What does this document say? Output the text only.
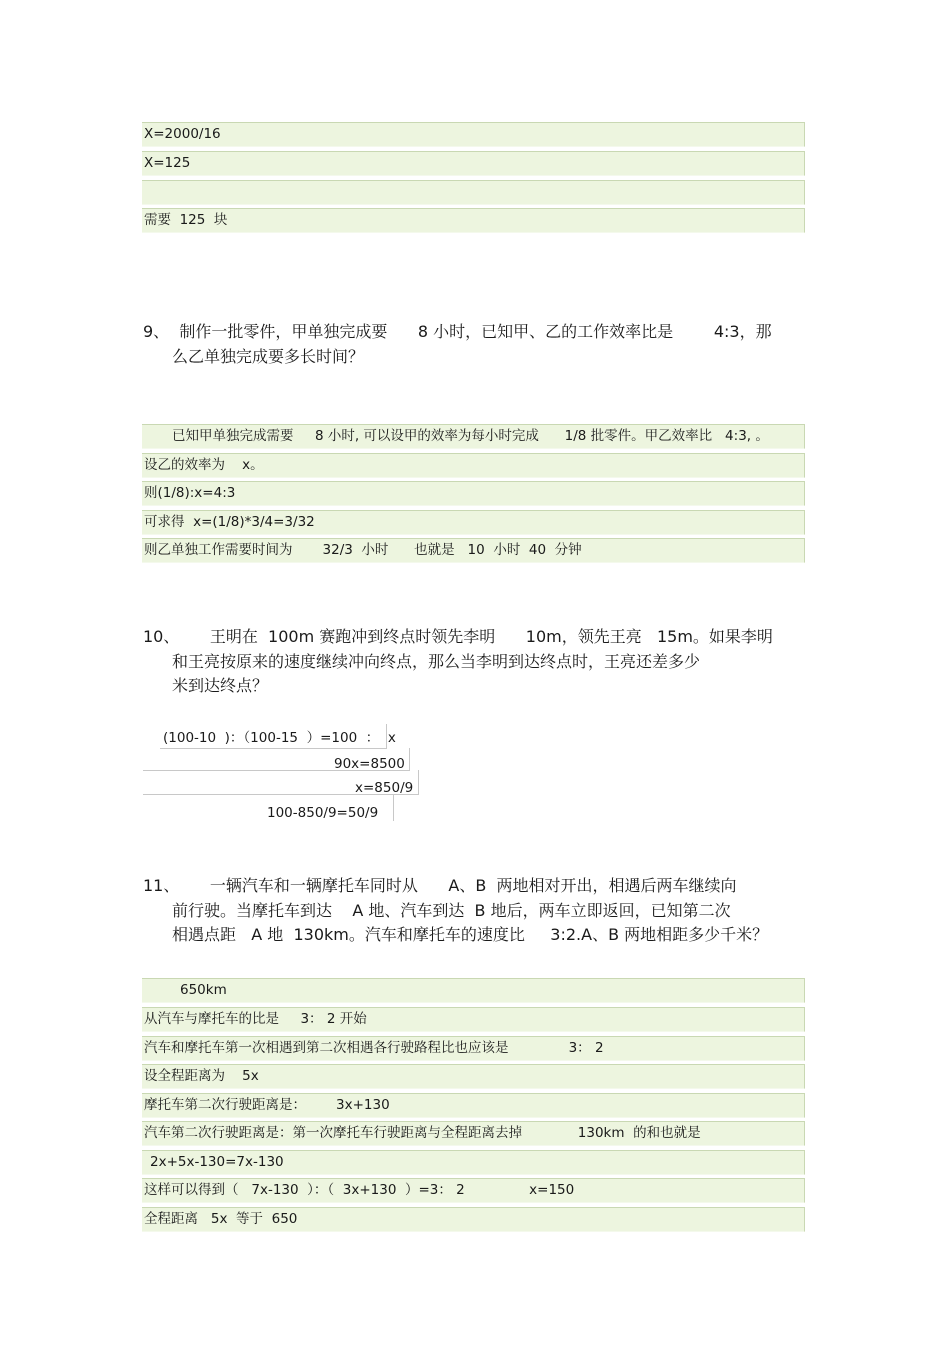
X=2000/16
X=125
需要  125  块
9、  制作一批零件，甲单独完成要      8 小时，已知甲、乙的工作效率比是        4:3，那
么乙单独完成要多长时间？
已知甲单独完成需要     8 小时, 可以设甲的效率为每小时完成      1/8 批零件。甲乙效率比   4:3, 。
设乙的效率为    x。
则(1/8):x=4:3
可求得  x=(1/8)*3/4=3/32
则乙单独工作需要时间为       32/3  小时      也就是   10  小时  40  分钟
10、      王明在  100m 赛跑冲到终点时领先李明      10m，领先王亮   15m。如果李明
和王亮按原来的速度继续冲向终点，那么当李明到达终点时，王亮还差多少
米到达终点？
(100-10  )：（100-15  ）=100  ：  x
90x=8500
x=850/9
100-850/9=50/9
11、      一辆汽车和一辆摩托车同时从      A、B  两地相对开出，相遇后两车继续向
前行驶。当摩托车到达    A 地、汽车到达  B 地后，两车立即返回，已知第二次
相遇点距   A 地  130km。汽车和摩托车的速度比     3:2.A、B 两地相距多少千米？
650km
从汽车与摩托车的比是     3： 2 开始
汽车和摩托车第一次相遇到第二次相遇各行驶路程比也应该是              3： 2
设全程距离为    5x
摩托车第二次行驶距离是：       3x+130
汽车第二次行驶距离是：第一次摩托车行驶距离与全程距离去掉             130km  的和也就是
2x+5x-130=7x-130
这样可以得到（   7x-130  ）：（  3x+130  ）=3： 2               x=150
全程距离   5x  等于  650
